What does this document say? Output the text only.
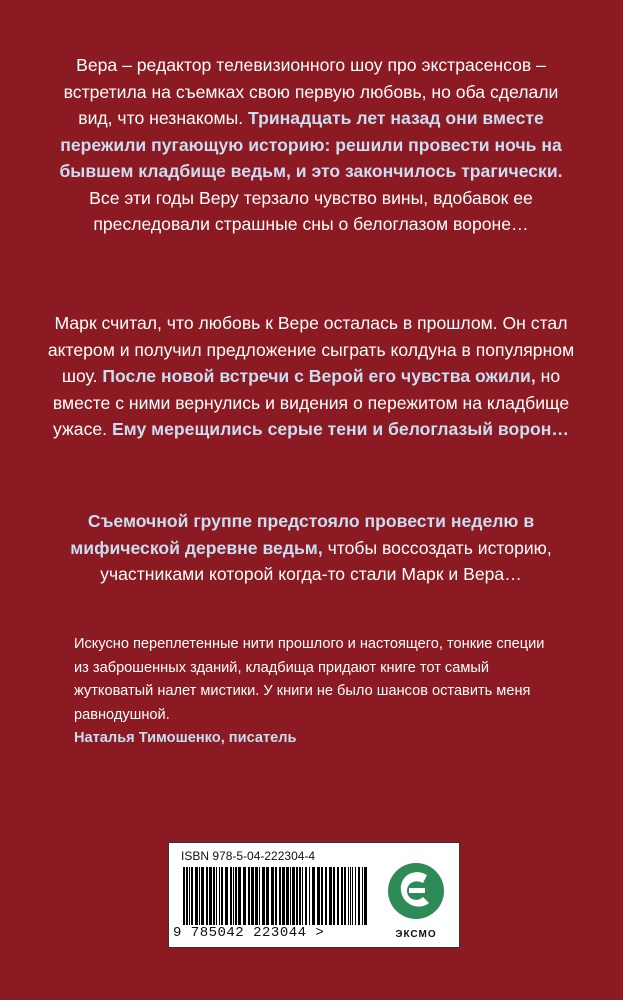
Вера – редактор телевизионного шоу про экстрасенсов – встретила на съемках свою первую любовь, но оба сделали вид, что незнакомы. Тринадцать лет назад они вместе пережили пугающую историю: решили провести ночь на бывшем кладбище ведьм, и это закончилось трагически. Все эти годы Веру терзало чувство вины, вдобавок ее преследовали страшные сны о белоглазом вороне…

Марк считал, что любовь к Вере осталась в прошлом. Он стал актером и получил предложение сыграть колдуна в популярном шоу. После новой встречи с Верой его чувства ожили, но вместе с ними вернулись и видения о пережитом на кладбище ужасе. Ему мерещились серые тени и белоглазый ворон…

Съемочной группе предстояло провести неделю в мифической деревне ведьм, чтобы воссоздать историю, участниками которой когда-то стали Марк и Вера…

Искусно переплетенные нити прошлого и настоящего, тонкие специи из заброшенных зданий, кладбища придают книге тот самый жутковатый налет мистики. У книги не было шансов оставить меня равнодушной.

Наталья Тимошенко, писатель

ISBN 978-5-04-222304-4
9 785042 223044 >	ЭКСМО
